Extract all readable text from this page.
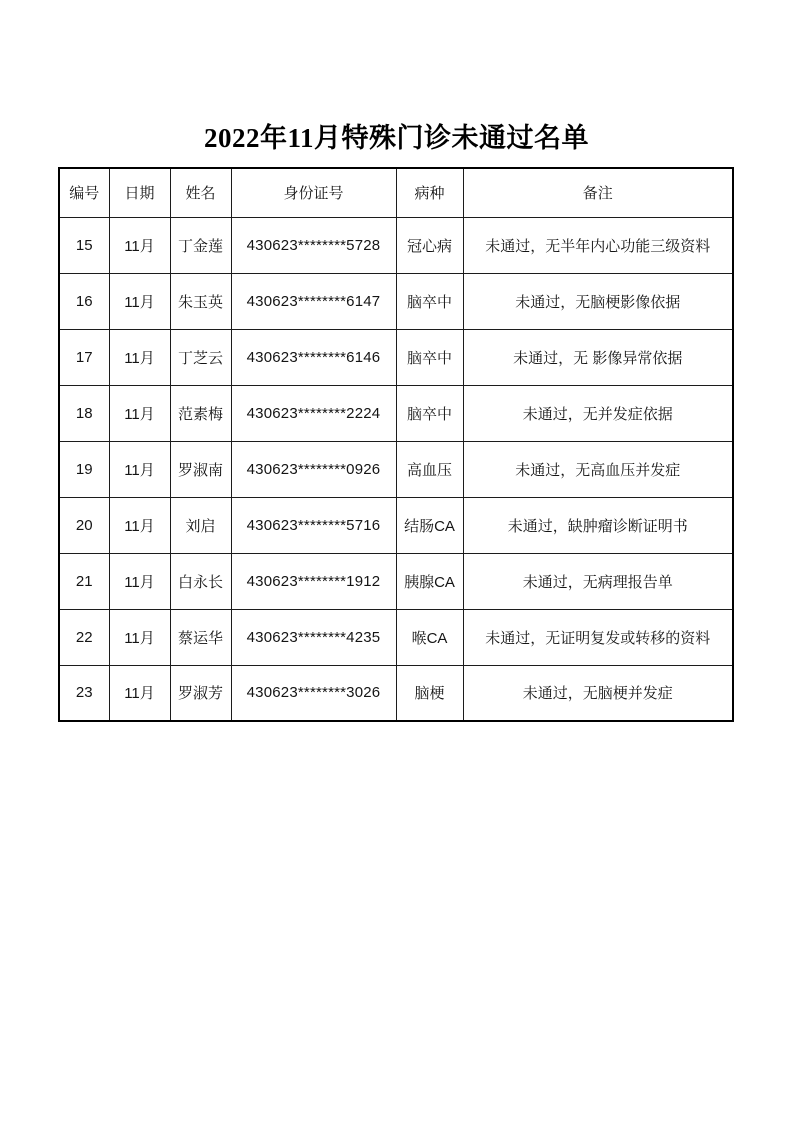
2022年11月特殊门诊未通过名单
编号	日期	姓名	身份证号	病种	备注
15	11月	丁金莲	430623********5728	冠心病	未通过，无半年内心功能三级资料
16	11月	朱玉英	430623********6147	脑卒中	未通过，无脑梗影像依据
17	11月	丁芝云	430623********6146	脑卒中	未通过，无 影像异常依据
18	11月	范素梅	430623********2224	脑卒中	未通过，无并发症依据
19	11月	罗淑南	430623********0926	高血压	未通过，无高血压并发症
20	11月	刘启	430623********5716	结肠CA	未通过，缺肿瘤诊断证明书
21	11月	白永长	430623********1912	胰腺CA	未通过，无病理报告单
22	11月	蔡运华	430623********4235	喉CA	未通过，无证明复发或转移的资料
23	11月	罗淑芳	430623********3026	脑梗	未通过，无脑梗并发症
